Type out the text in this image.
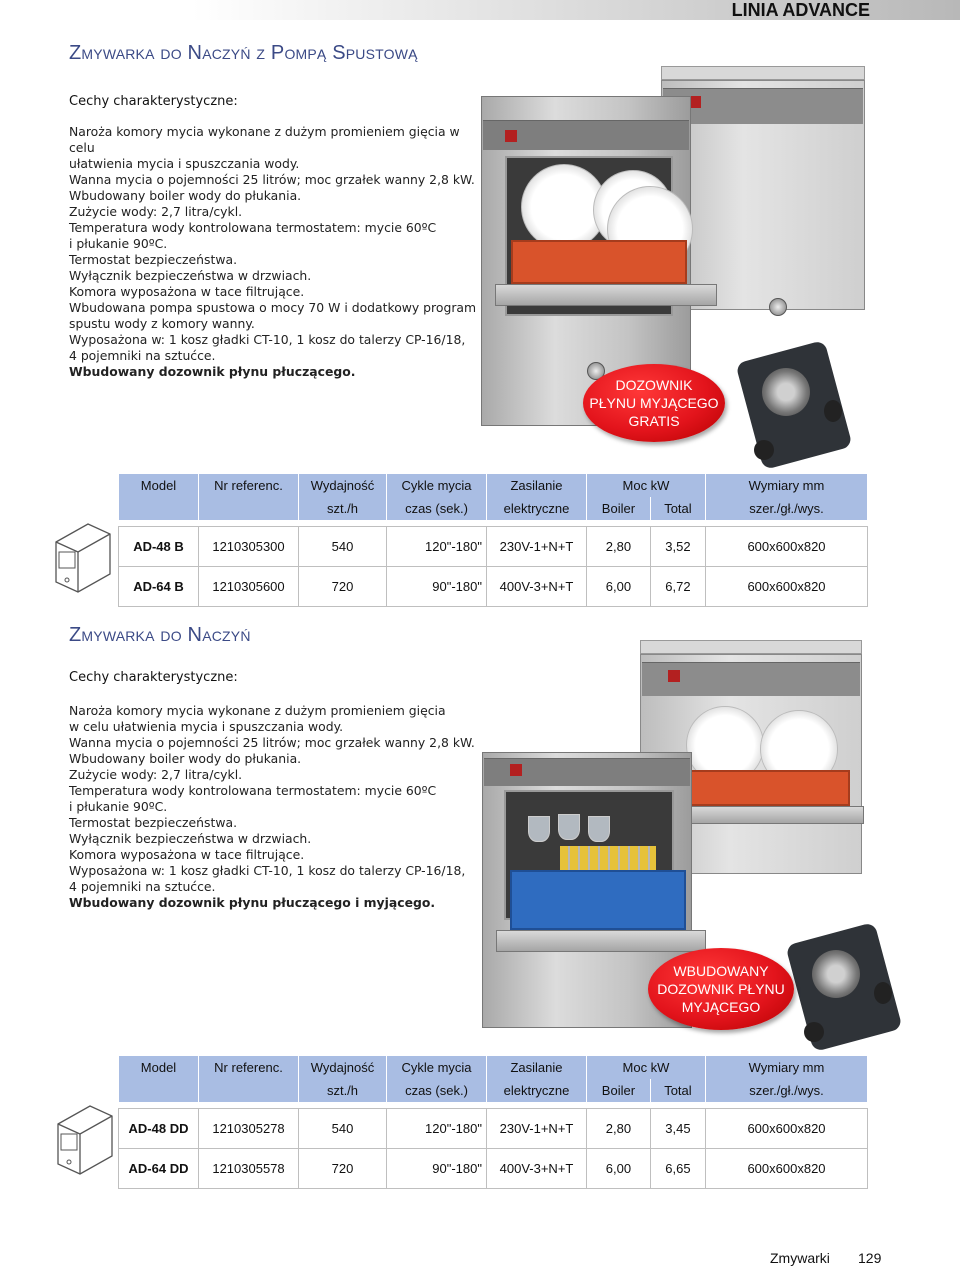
LINIA ADVANCE
Zmywarka do Naczyń z Pompą Spustową
Cechy charakterystyczne:
Naroża komory mycia wykonane z dużym promieniem gięcia w celu
ułatwienia mycia i spuszczania wody.
Wanna mycia o pojemności 25 litrów; moc grzałek wanny 2,8 kW.
Wbudowany boiler wody do płukania.
Zużycie wody: 2,7 litra/cykl.
Temperatura wody kontrolowana termostatem: mycie 60ºC
i płukanie 90ºC.
Termostat bezpieczeństwa.
Wyłącznik bezpieczeństwa w drzwiach.
Komora wyposażona w tace filtrujące.
Wbudowana pompa spustowa o mocy 70 W i dodatkowy program
spustu wody z komory wanny.
Wyposażona w: 1 kosz gładki CT-10, 1 kosz do talerzy CP-16/18,
4 pojemniki na sztućce.
Wbudowany dozownik płynu płuczącego.
DOZOWNIK
PŁYNU MYJĄCEGO
GRATIS
Model	Nr referenc.	Wydajność	Cykle mycia	Zasilanie	Moc kW		Wymiary mm
		szt./h	czas (sek.)	elektryczne	Boiler	Total	szer./gł./wys.

AD-48 B	1210305300	540	120"-180"	230V-1+N+T	2,80	3,52	600x600x820
AD-64 B	1210305600	720	90"-180"	400V-3+N+T	6,00	6,72	600x600x820
Zmywarka do Naczyń
Cechy charakterystyczne:
Naroża komory mycia wykonane z dużym promieniem gięcia
w celu ułatwienia mycia i spuszczania wody.
Wanna mycia o pojemności 25 litrów; moc grzałek wanny 2,8 kW.
Wbudowany boiler wody do płukania.
Zużycie wody: 2,7 litra/cykl.
Temperatura wody kontrolowana termostatem: mycie 60ºC
i płukanie 90ºC.
Termostat bezpieczeństwa.
Wyłącznik bezpieczeństwa w drzwiach.
Komora wyposażona w tace filtrujące.
Wyposażona w: 1 kosz gładki CT-10, 1 kosz do talerzy CP-16/18,
4 pojemniki na sztućce.
Wbudowany dozownik płynu płuczącego i myjącego.
WBUDOWANY
DOZOWNIK PŁYNU
MYJĄCEGO
Model	Nr referenc.	Wydajność	Cykle mycia	Zasilanie	Moc kW		Wymiary mm
		szt./h	czas (sek.)	elektryczne	Boiler	Total	szer./gł./wys.

AD-48 DD	1210305278	540	120"-180"	230V-1+N+T	2,80	3,45	600x600x820
AD-64 DD	1210305578	720	90"-180"	400V-3+N+T	6,00	6,65	600x600x820
Zmywarki 129
